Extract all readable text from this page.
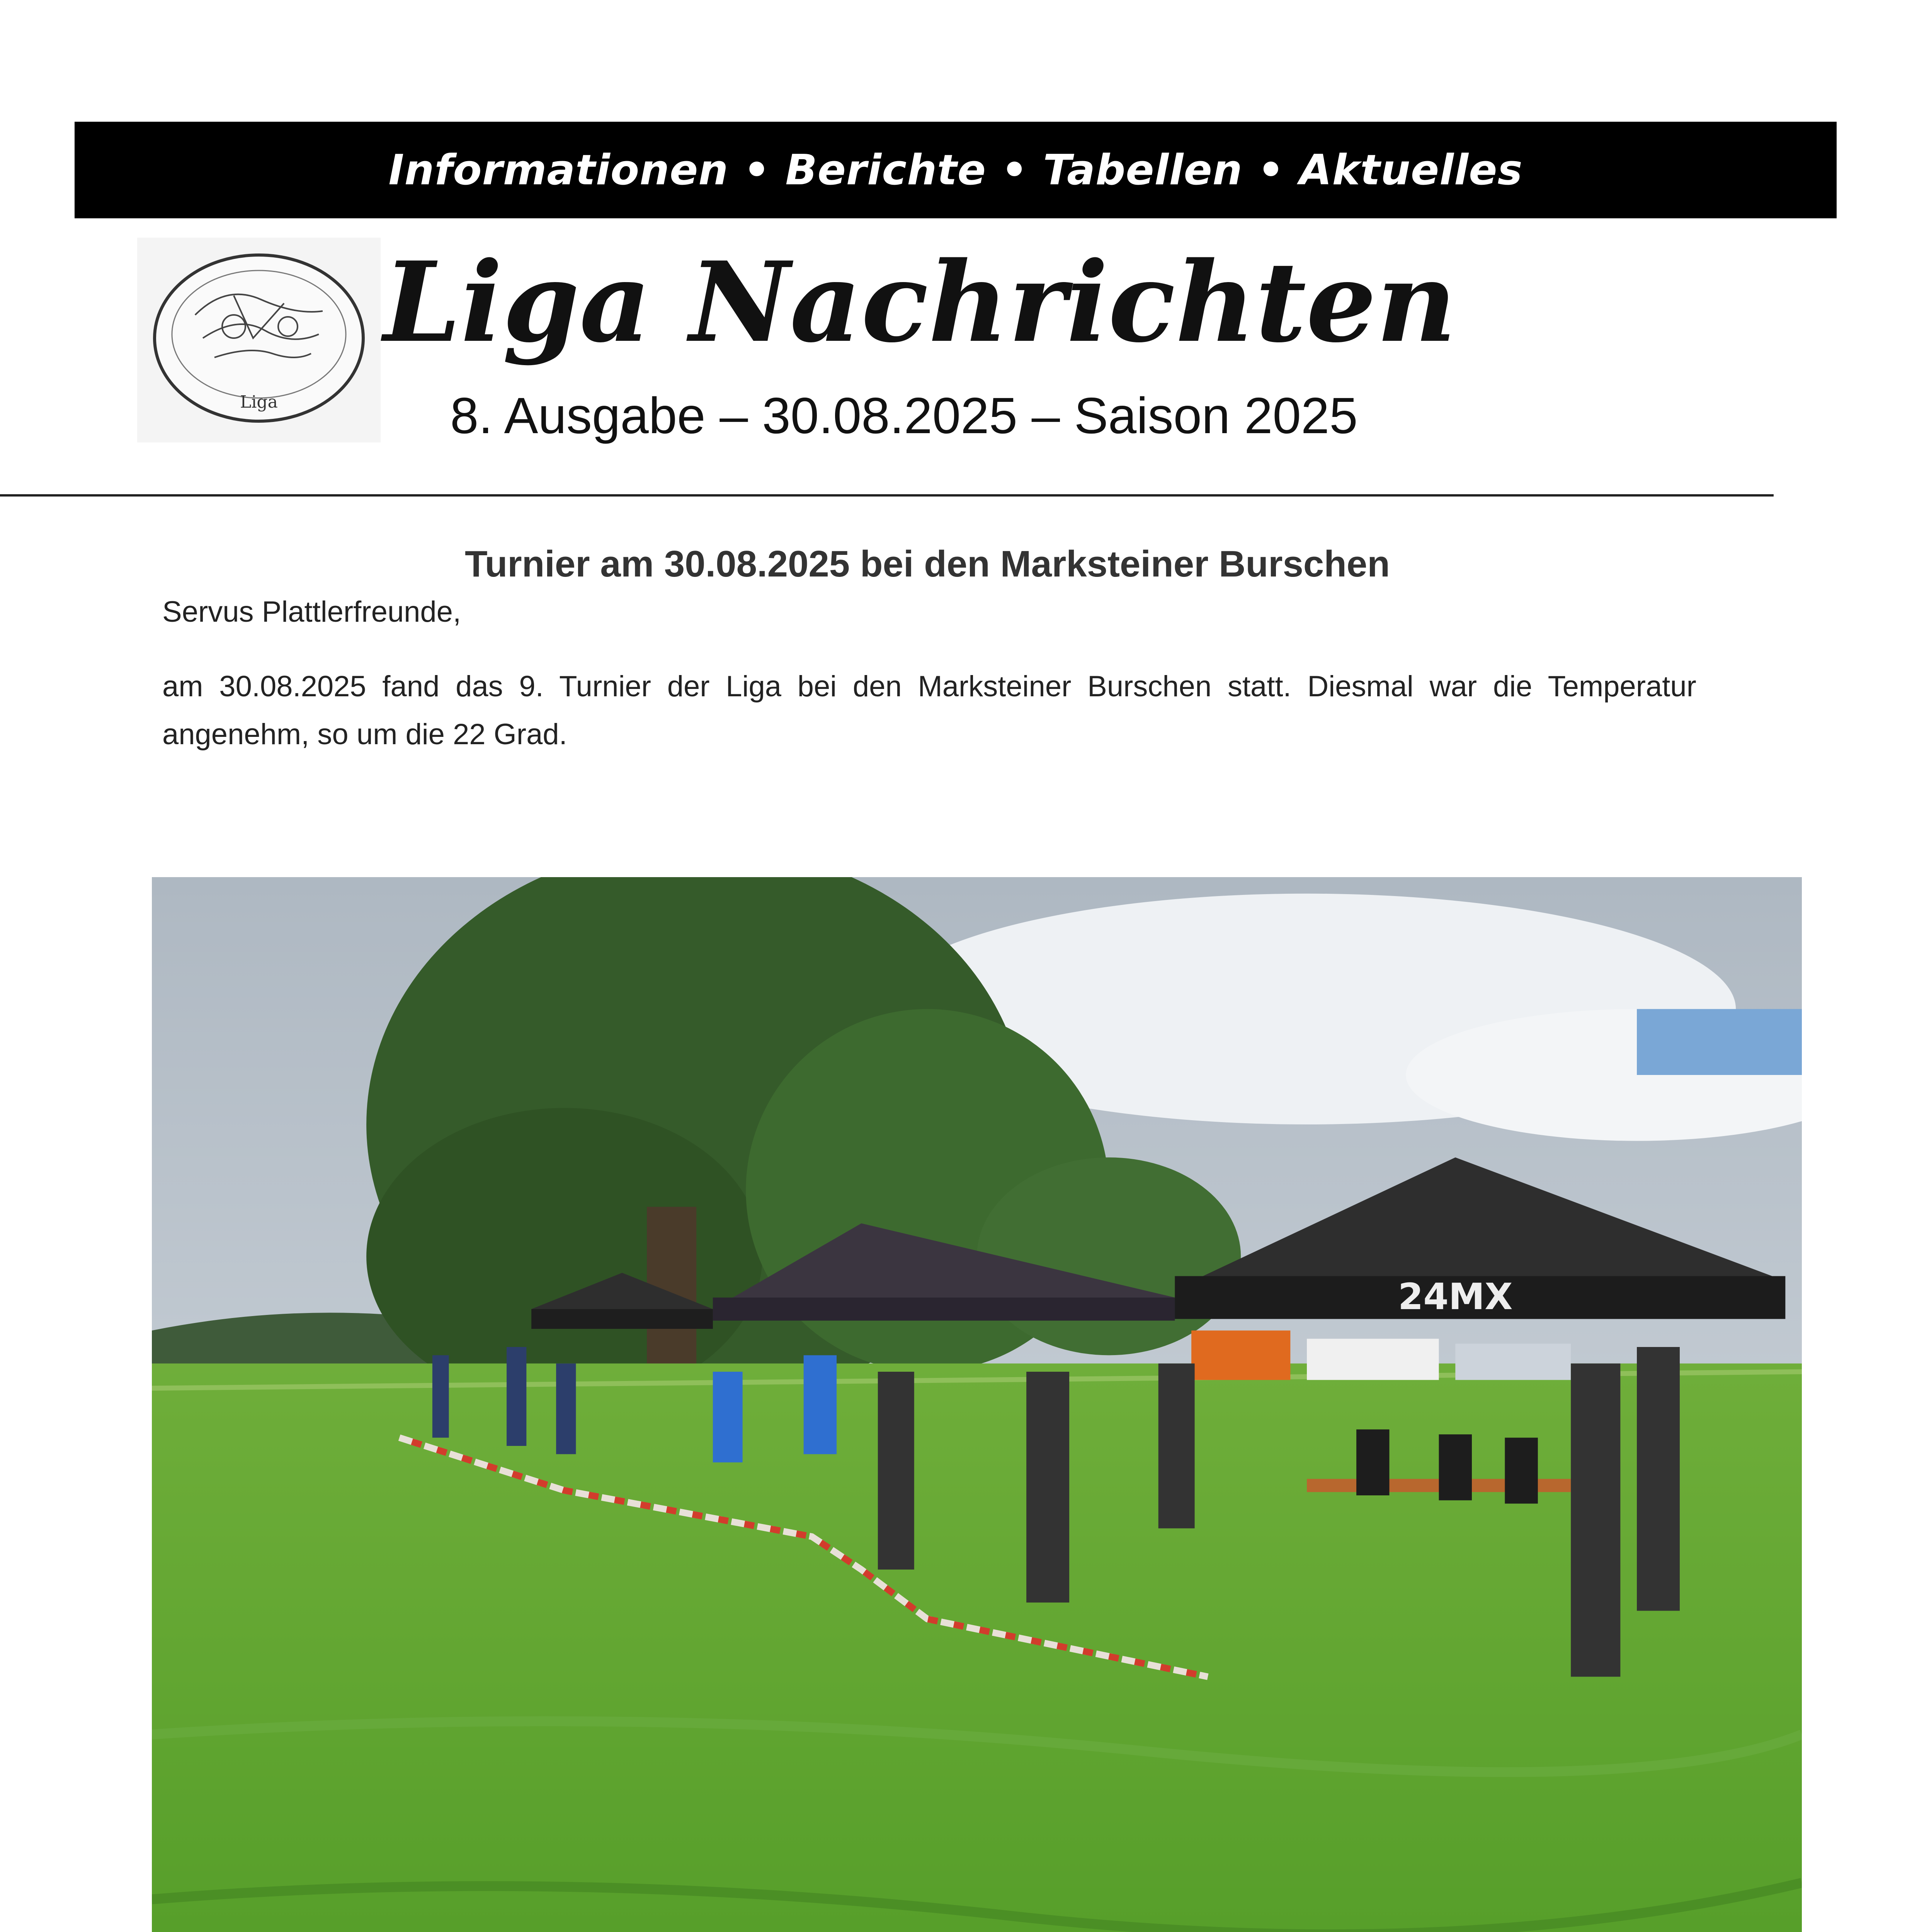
Informationen • Berichte • Tabellen • Aktuelles
Liga
Liga Nachrichten
8. Ausgabe – 30.08.2025 – Saison 2025
Turnier am 30.08.2025 bei den Marksteiner Burschen
Servus Plattlerfreunde,
am 30.08.2025 fand das 9. Turnier der Liga bei den Marksteiner Burschen statt. Diesmal war die Temperatur angenehm, so um die 22 Grad.
24MX
